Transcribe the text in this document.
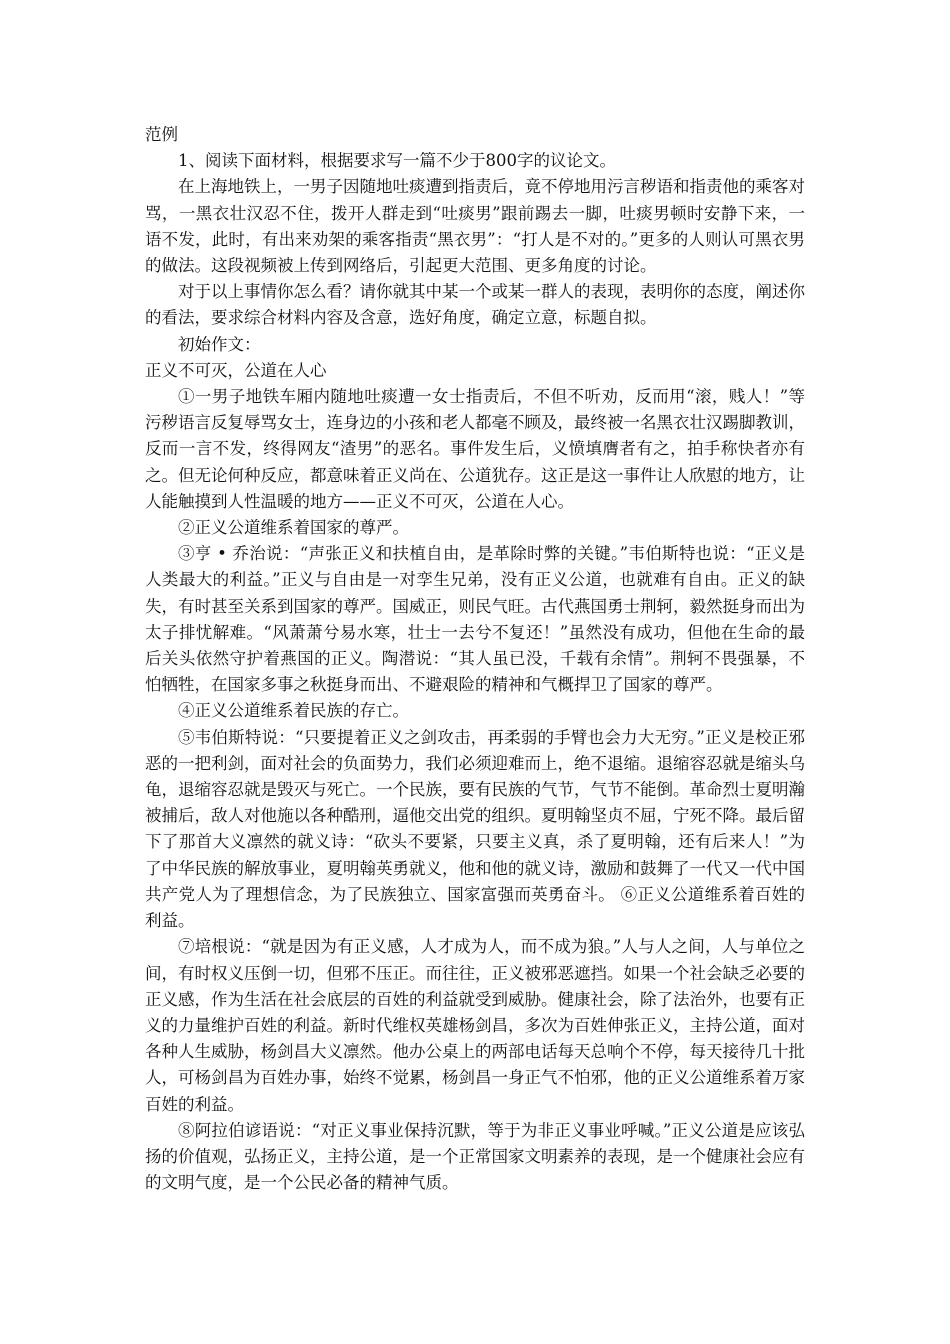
范例

1、阅读下面材料，根据要求写一篇不少于800字的议论文。

在上海地铁上，一男子因随地吐痰遭到指责后，竟不停地用污言秽语和指责他的乘客对骂，一黑衣壮汉忍不住，拨开人群走到“吐痰男”跟前踢去一脚，吐痰男顿时安静下来，一语不发，此时，有出来劝架的乘客指责“黑衣男”：“打人是不对的。”更多的人则认可黑衣男的做法。这段视频被上传到网络后，引起更大范围、更多角度的讨论。

对于以上事情你怎么看？请你就其中某一个或某一群人的表现，表明你的态度，阐述你的看法，要求综合材料内容及含意，选好角度，确定立意，标题自拟。

初始作文：

正义不可灭，公道在人心

①一男子地铁车厢内随地吐痰遭一女士指责后，不但不听劝，反而用“滚，贱人！”等污秽语言反复辱骂女士，连身边的小孩和老人都毫不顾及，最终被一名黑衣壮汉踢脚教训，反而一言不发，终得网友“渣男”的恶名。事件发生后，义愤填膺者有之，拍手称快者亦有之。但无论何种反应，都意味着正义尚在、公道犹存。这正是这一事件让人欣慰的地方，让人能触摸到人性温暖的地方——正义不可灭，公道在人心。

②正义公道维系着国家的尊严。

③亨 • 乔治说：“声张正义和扶植自由，是革除时弊的关键。”韦伯斯特也说：“正义是人类最大的利益。”正义与自由是一对孪生兄弟，没有正义公道，也就难有自由。正义的缺失，有时甚至关系到国家的尊严。国威正，则民气旺。古代燕国勇士荆轲，毅然挺身而出为太子排忧解难。“风萧萧兮易水寒，壮士一去兮不复还！”虽然没有成功，但他在生命的最后关头依然守护着燕国的正义。陶潜说：“其人虽已没，千载有余情”。荆轲不畏强暴，不怕牺牲，在国家多事之秋挺身而出、不避艰险的精神和气概捍卫了国家的尊严。

④正义公道维系着民族的存亡。

⑤韦伯斯特说：“只要提着正义之剑攻击，再柔弱的手臂也会力大无穷。”正义是校正邪恶的一把利剑，面对社会的负面势力，我们必须迎难而上，绝不退缩。退缩容忍就是缩头乌龟，退缩容忍就是毁灭与死亡。一个民族，要有民族的气节，气节不能倒。革命烈士夏明瀚被捕后，敌人对他施以各种酷刑，逼他交出党的组织。夏明翰坚贞不屈，宁死不降。最后留下了那首大义凛然的就义诗：“砍头不要紧，只要主义真，杀了夏明翰，还有后来人！”为了中华民族的解放事业，夏明翰英勇就义，他和他的就义诗，激励和鼓舞了一代又一代中国共产党人为了理想信念，为了民族独立、国家富强而英勇奋斗。 ⑥正义公道维系着百姓的利益。

⑦培根说：“就是因为有正义感，人才成为人，而不成为狼。”人与人之间，人与单位之间，有时权义压倒一切，但邪不压正。而往往，正义被邪恶遮挡。如果一个社会缺乏必要的正义感，作为生活在社会底层的百姓的利益就受到威胁。健康社会，除了法治外，也要有正义的力量维护百姓的利益。新时代维权英雄杨剑昌，多次为百姓伸张正义，主持公道，面对各种人生威胁，杨剑昌大义凛然。他办公桌上的两部电话每天总响个不停，每天接待几十批人，可杨剑昌为百姓办事，始终不觉累，杨剑昌一身正气不怕邪，他的正义公道维系着万家百姓的利益。

⑧阿拉伯谚语说：“对正义事业保持沉默，等于为非正义事业呼喊。”正义公道是应该弘扬的价值观，弘扬正义，主持公道，是一个正常国家文明素养的表现，是一个健康社会应有的文明气度，是一个公民必备的精神气质。
